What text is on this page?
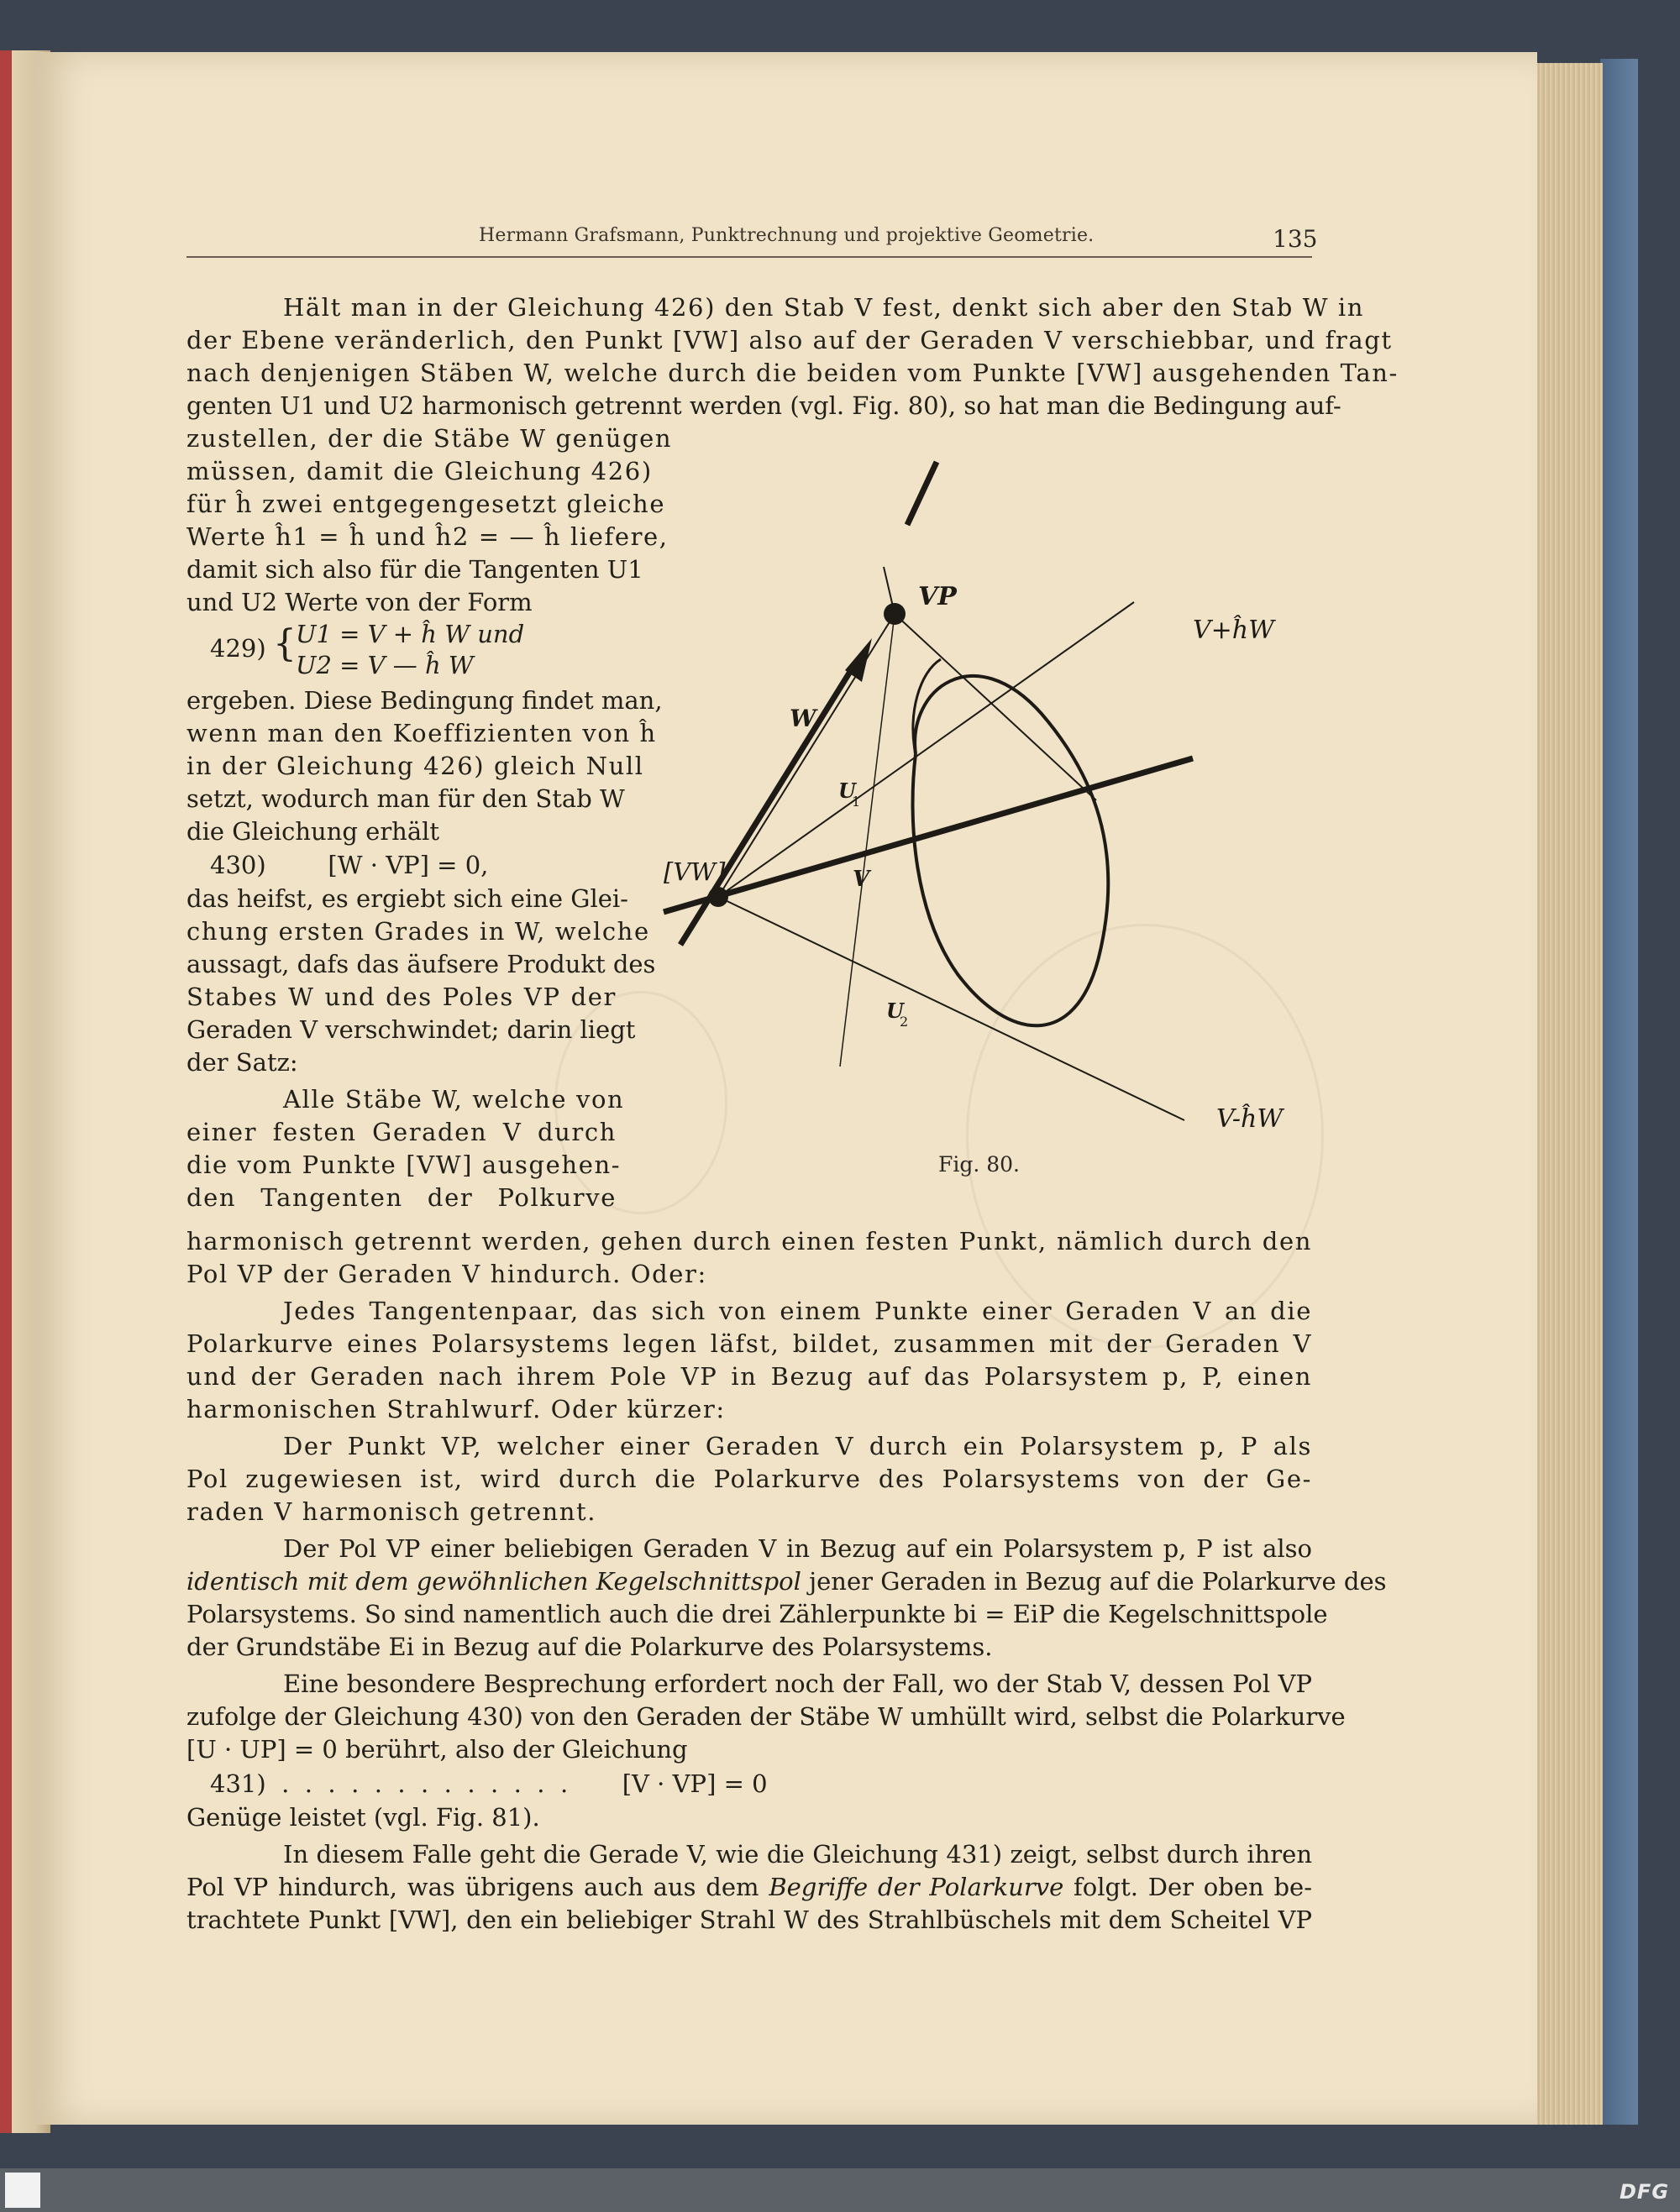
Hermann Grafsmann, Punktrechnung und projektive Geometrie.	135
Hält man in der Gleichung 426) den Stab V fest, denkt sich aber den Stab W in
der Ebene veränderlich, den Punkt [VW] also auf der Geraden V verschiebbar, und fragt
nach denjenigen Stäben W, welche durch die beiden vom Punkte [VW] ausgehenden Tan-
genten U1 und U2 harmonisch getrennt werden (vgl. Fig. 80), so hat man die Bedingung auf-
zustellen, der die Stäbe W genügen
müssen, damit die Gleichung 426)
für ĥ zwei entgegengesetzt gleiche
Werte ĥ1 = ĥ und ĥ2 = — ĥ liefere,
damit sich also für die Tangenten U1
und U2 Werte von der Form
429) { U1 = V + ĥ W und
U2 = V — ĥ W
ergeben. Diese Bedingung findet man,
wenn man den Koeffizienten von ĥ
in der Gleichung 426) gleich Null
setzt, wodurch man für den Stab W
die Gleichung erhält
430)        [W · VP] = 0,
das heifst, es ergiebt sich eine Glei-
chung ersten Grades in W, welche
aussagt, dafs das äufsere Produkt des
Stabes W und des Poles VP der
Geraden V verschwindet; darin liegt
der Satz:
Alle Stäbe W, welche von
einer festen Geraden V durch
die vom Punkte [VW] ausgehen-
den Tangenten der Polkurve
harmonisch getrennt werden, gehen durch einen festen Punkt, nämlich durch den
Pol VP der Geraden V hindurch. Oder:
Jedes Tangentenpaar, das sich von einem Punkte einer Geraden V an die
Polarkurve eines Polarsystems legen läfst, bildet, zusammen mit der Geraden V
und der Geraden nach ihrem Pole VP in Bezug auf das Polarsystem p, P, einen
harmonischen Strahlwurf. Oder kürzer:
Der Punkt VP, welcher einer Geraden V durch ein Polarsystem p, P als
Pol zugewiesen ist, wird durch die Polarkurve des Polarsystems von der Ge-
raden V harmonisch getrennt.
Der Pol VP einer beliebigen Geraden V in Bezug auf ein Polarsystem p, P ist also
identisch mit dem gewöhnlichen Kegelschnittspol jener Geraden in Bezug auf die Polarkurve des
Polarsystems. So sind namentlich auch die drei Zählerpunkte bi = EiP die Kegelschnittspole
der Grundstäbe Ei in Bezug auf die Polarkurve des Polarsystems.
Eine besondere Besprechung erfordert noch der Fall, wo der Stab V, dessen Pol VP
zufolge der Gleichung 430) von den Geraden der Stäbe W umhüllt wird, selbst die Polarkurve
[U · UP] = 0 berührt, also der Gleichung
431)  .  .  .  .  .  .  .  .  .  .  .  .  .       [V · VP] = 0
Genüge leistet (vgl. Fig. 81).
In diesem Falle geht die Gerade V, wie die Gleichung 431) zeigt, selbst durch ihren
Pol VP hindurch, was übrigens auch aus dem Begriffe der Polarkurve folgt. Der oben be-
trachtete Punkt [VW], den ein beliebiger Strahl W des Strahlbüschels mit dem Scheitel VP
VP
[VW]
W
U
1
U
2
V
V+ĥW
V-ĥW
Fig. 80.
DFG
